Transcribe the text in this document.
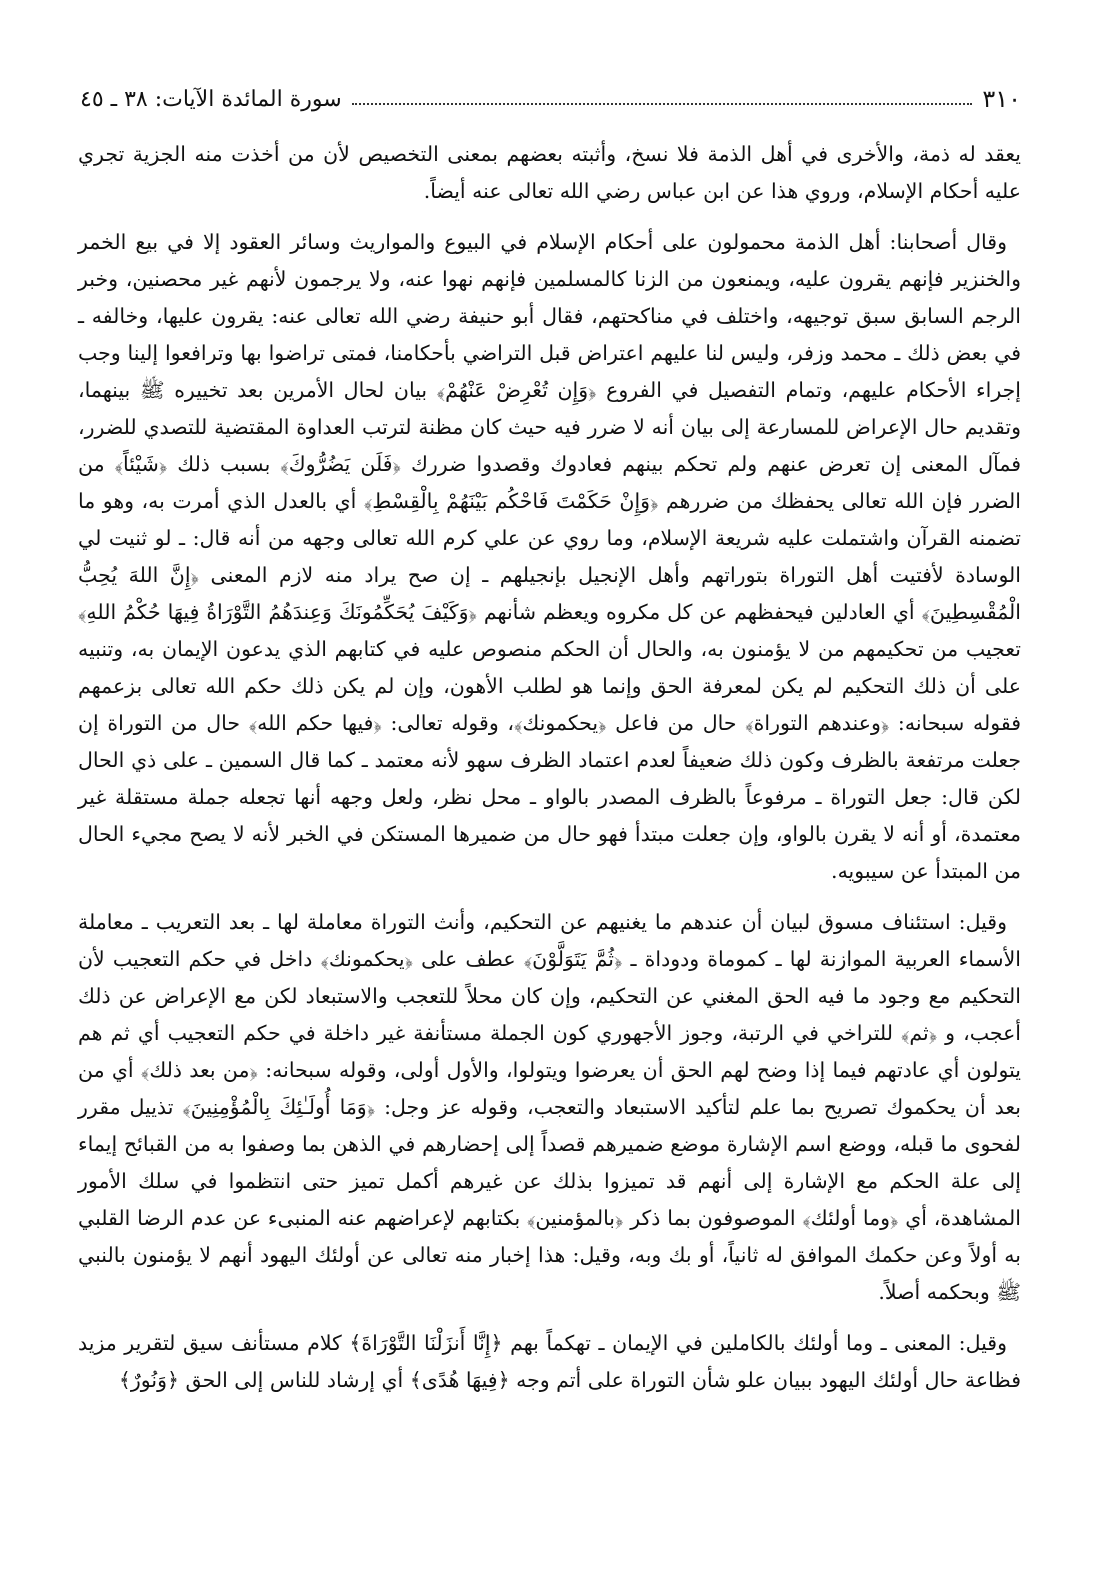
٣١٠
سورة المائدة الآيات: ٣٨ ـ ٤٥

يعقد له ذمة، والأخرى في أهل الذمة فلا نسخ، وأثبته بعضهم بمعنى التخصيص لأن من أخذت منه الجزية تجري عليه أحكام الإسلام، وروي هذا عن ابن عباس رضي الله تعالى عنه أيضاً.

وقال أصحابنا: أهل الذمة محمولون على أحكام الإسلام في البيوع والمواريث وسائر العقود إلا في بيع الخمر والخنزير فإنهم يقرون عليه، ويمنعون من الزنا كالمسلمين فإنهم نهوا عنه، ولا يرجمون لأنهم غير محصنين، وخبر الرجم السابق سبق توجيهه، واختلف في مناكحتهم، فقال أبو حنيفة رضي الله تعالى عنه: يقرون عليها، وخالفه ـ في بعض ذلك ـ محمد وزفر، وليس لنا عليهم اعتراض قبل التراضي بأحكامنا، فمتى تراضوا بها وترافعوا إلينا وجب إجراء الأحكام عليهم، وتمام التفصيل في الفروع ﴿وَإِن تُعْرِضْ عَنْهُمْ﴾ بيان لحال الأمرين بعد تخييره ﷺ بينهما، وتقديم حال الإعراض للمسارعة إلى بيان أنه لا ضرر فيه حيث كان مظنة لترتب العداوة المقتضية للتصدي للضرر، فمآل المعنى إن تعرض عنهم ولم تحكم بينهم فعادوك وقصدوا ضررك ﴿فَلَن يَضُرُّوكَ﴾ بسبب ذلك ﴿شَيْئاً﴾ من الضرر فإن الله تعالى يحفظك من ضررهم ﴿وَإِنْ حَكَمْتَ فَاحْكُم بَيْنَهُمْ بِالْقِسْطِ﴾ أي بالعدل الذي أمرت به، وهو ما تضمنه القرآن واشتملت عليه شريعة الإسلام، وما روي عن علي كرم الله تعالى وجهه من أنه قال: ـ لو ثنيت لي الوسادة لأفتيت أهل التوراة بتوراتهم وأهل الإنجيل بإنجيلهم ـ إن صح يراد منه لازم المعنى ﴿إِنَّ اللهَ يُحِبُّ الْمُقْسِطِينَ﴾ أي العادلين فيحفظهم عن كل مكروه ويعظم شأنهم ﴿وَكَيْفَ يُحَكِّمُونَكَ وَعِندَهُمُ التَّوْرَاةُ فِيهَا حُكْمُ اللهِ﴾ تعجيب من تحكيمهم من لا يؤمنون به، والحال أن الحكم منصوص عليه في كتابهم الذي يدعون الإيمان به، وتنبيه على أن ذلك التحكيم لم يكن لمعرفة الحق وإنما هو لطلب الأهون، وإن لم يكن ذلك حكم الله تعالى بزعمهم فقوله سبحانه: ﴿وعندهم التوراة﴾ حال من فاعل ﴿يحكمونك﴾، وقوله تعالى: ﴿فيها حكم الله﴾ حال من التوراة إن جعلت مرتفعة بالظرف وكون ذلك ضعيفاً لعدم اعتماد الظرف سهو لأنه معتمد ـ كما قال السمين ـ على ذي الحال لكن قال: جعل التوراة ـ مرفوعاً بالظرف المصدر بالواو ـ محل نظر، ولعل وجهه أنها تجعله جملة مستقلة غير معتمدة، أو أنه لا يقرن بالواو، وإن جعلت مبتدأ فهو حال من ضميرها المستكن في الخبر لأنه لا يصح مجيء الحال من المبتدأ عن سيبويه.

وقيل: استئناف مسوق لبيان أن عندهم ما يغنيهم عن التحكيم، وأنث التوراة معاملة لها ـ بعد التعريب ـ معاملة الأسماء العربية الموازنة لها ـ كموماة ودوداة ـ ﴿ثُمَّ يَتَوَلَّوْنَ﴾ عطف على ﴿يحكمونك﴾ داخل في حكم التعجيب لأن التحكيم مع وجود ما فيه الحق المغني عن التحكيم، وإن كان محلاً للتعجب والاستبعاد لكن مع الإعراض عن ذلك أعجب، و ﴿ثم﴾ للتراخي في الرتبة، وجوز الأجهوري كون الجملة مستأنفة غير داخلة في حكم التعجيب أي ثم هم يتولون أي عادتهم فيما إذا وضح لهم الحق أن يعرضوا ويتولوا، والأول أولى، وقوله سبحانه: ﴿من بعد ذلك﴾ أي من بعد أن يحكموك تصريح بما علم لتأكيد الاستبعاد والتعجب، وقوله عز وجل: ﴿وَمَا أُولَـٰئِكَ بِالْمُؤْمِنِينَ﴾ تذييل مقرر لفحوى ما قبله، ووضع اسم الإشارة موضع ضميرهم قصداً إلى إحضارهم في الذهن بما وصفوا به من القبائح إيماء إلى علة الحكم مع الإشارة إلى أنهم قد تميزوا بذلك عن غيرهم أكمل تميز حتى انتظموا في سلك الأمور المشاهدة، أي ﴿وما أولئك﴾ الموصوفون بما ذكر ﴿بالمؤمنين﴾ بكتابهم لإعراضهم عنه المنبىء عن عدم الرضا القلبي به أولاً وعن حكمك الموافق له ثانياً، أو بك وبه، وقيل: هذا إخبار منه تعالى عن أولئك اليهود أنهم لا يؤمنون بالنبي ﷺ وبحكمه أصلاً.

وقيل: المعنى ـ وما أولئك بالكاملين في الإيمان ـ تهكماً بهم ﴿إِنَّا أَنزَلْنَا التَّوْرَاةَ﴾ كلام مستأنف سيق لتقرير مزيد فظاعة حال أولئك اليهود ببيان علو شأن التوراة على أتم وجه ﴿فِيهَا هُدًى﴾ أي إرشاد للناس إلى الحق ﴿وَنُورٌ﴾
